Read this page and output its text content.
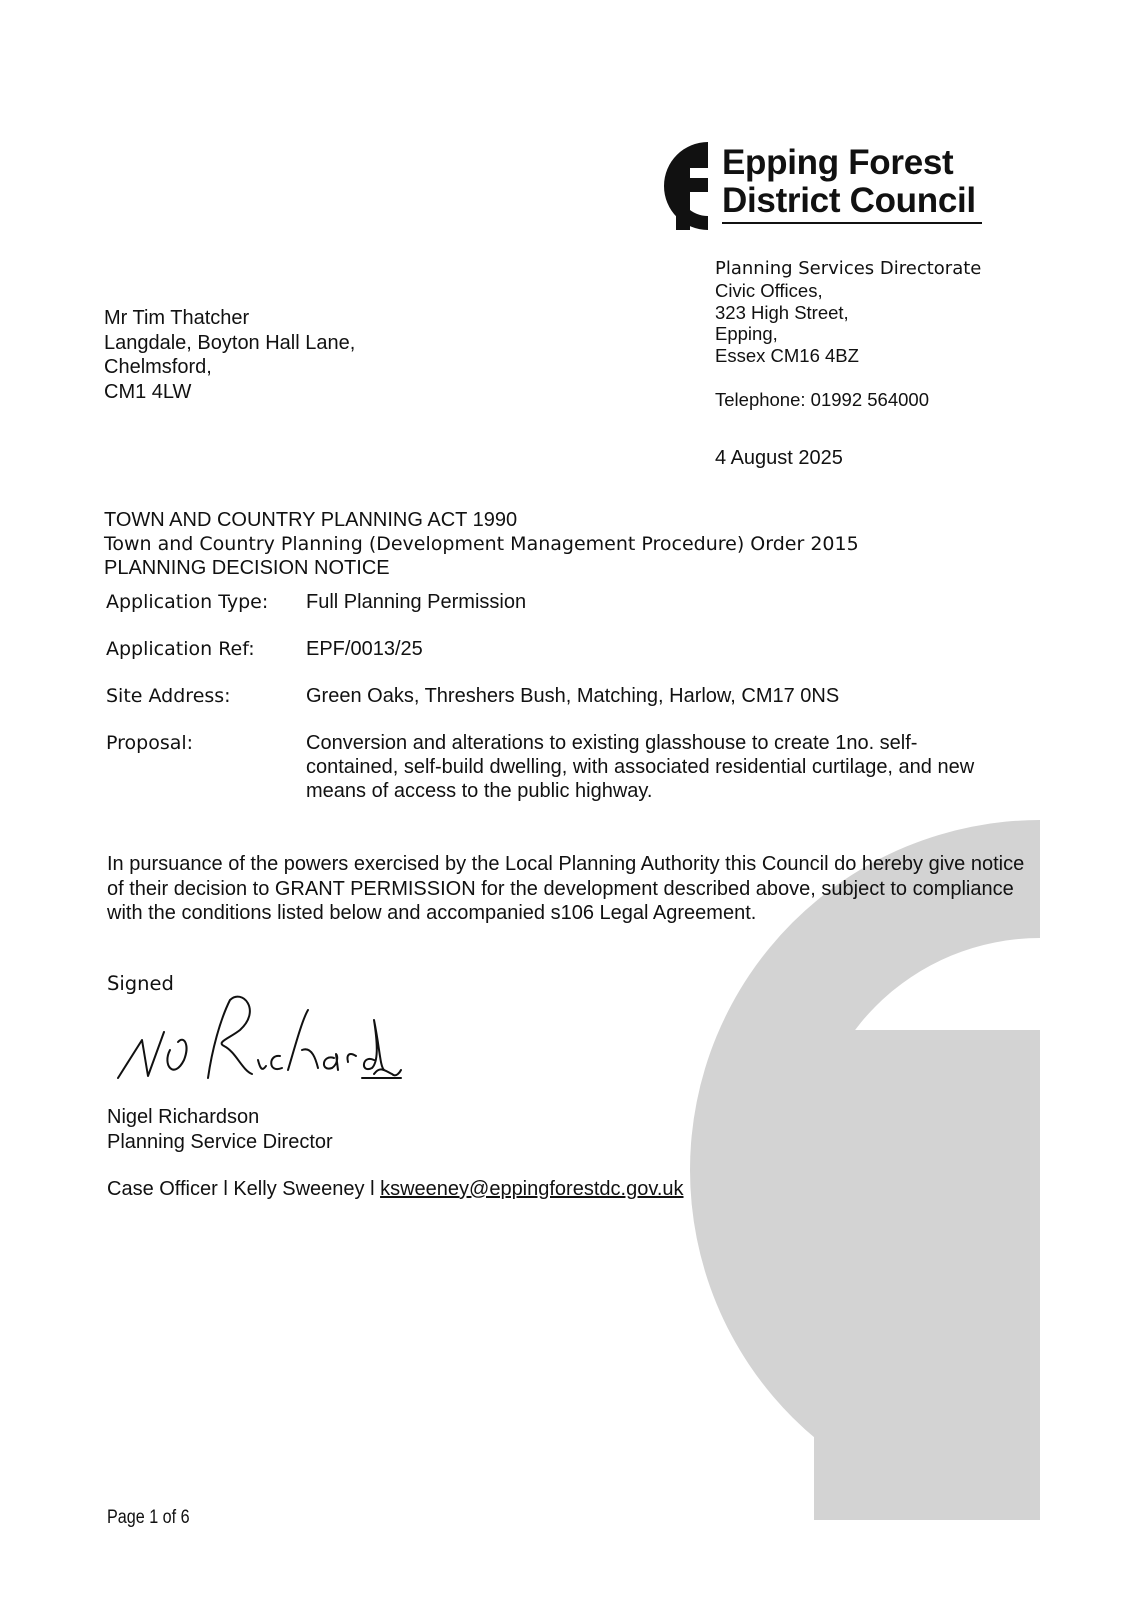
Epping Forest
District Council
Planning Services Directorate
Civic Offices,
323 High Street,
Epping,
Essex CM16 4BZ
Telephone: 01992 564000
4 August 2025
Mr Tim Thatcher
Langdale, Boyton Hall Lane,
Chelmsford,
CM1 4LW
TOWN AND COUNTRY PLANNING ACT 1990
Town and Country Planning (Development Management Procedure) Order 2015
PLANNING DECISION NOTICE
Application Type: Full Planning Permission
Application Ref:	EPF/0013/25
Site Address:	Green Oaks, Threshers Bush, Matching, Harlow, CM17 0NS
Proposal:	Conversion and alterations to existing glasshouse to create 1no. self-contained, self-build dwelling, with associated residential curtilage, and new means of access to the public highway.
In pursuance of the powers exercised by the Local Planning Authority this Council do hereby give notice of their decision to GRANT PERMISSION for the development described above, subject to compliance with the conditions listed below and accompanied s106 Legal Agreement.
Signed
Nigel Richardson
Planning Service Director
Case Officer l Kelly Sweeney l ksweeney@eppingforestdc.gov.uk
Page 1 of 6
